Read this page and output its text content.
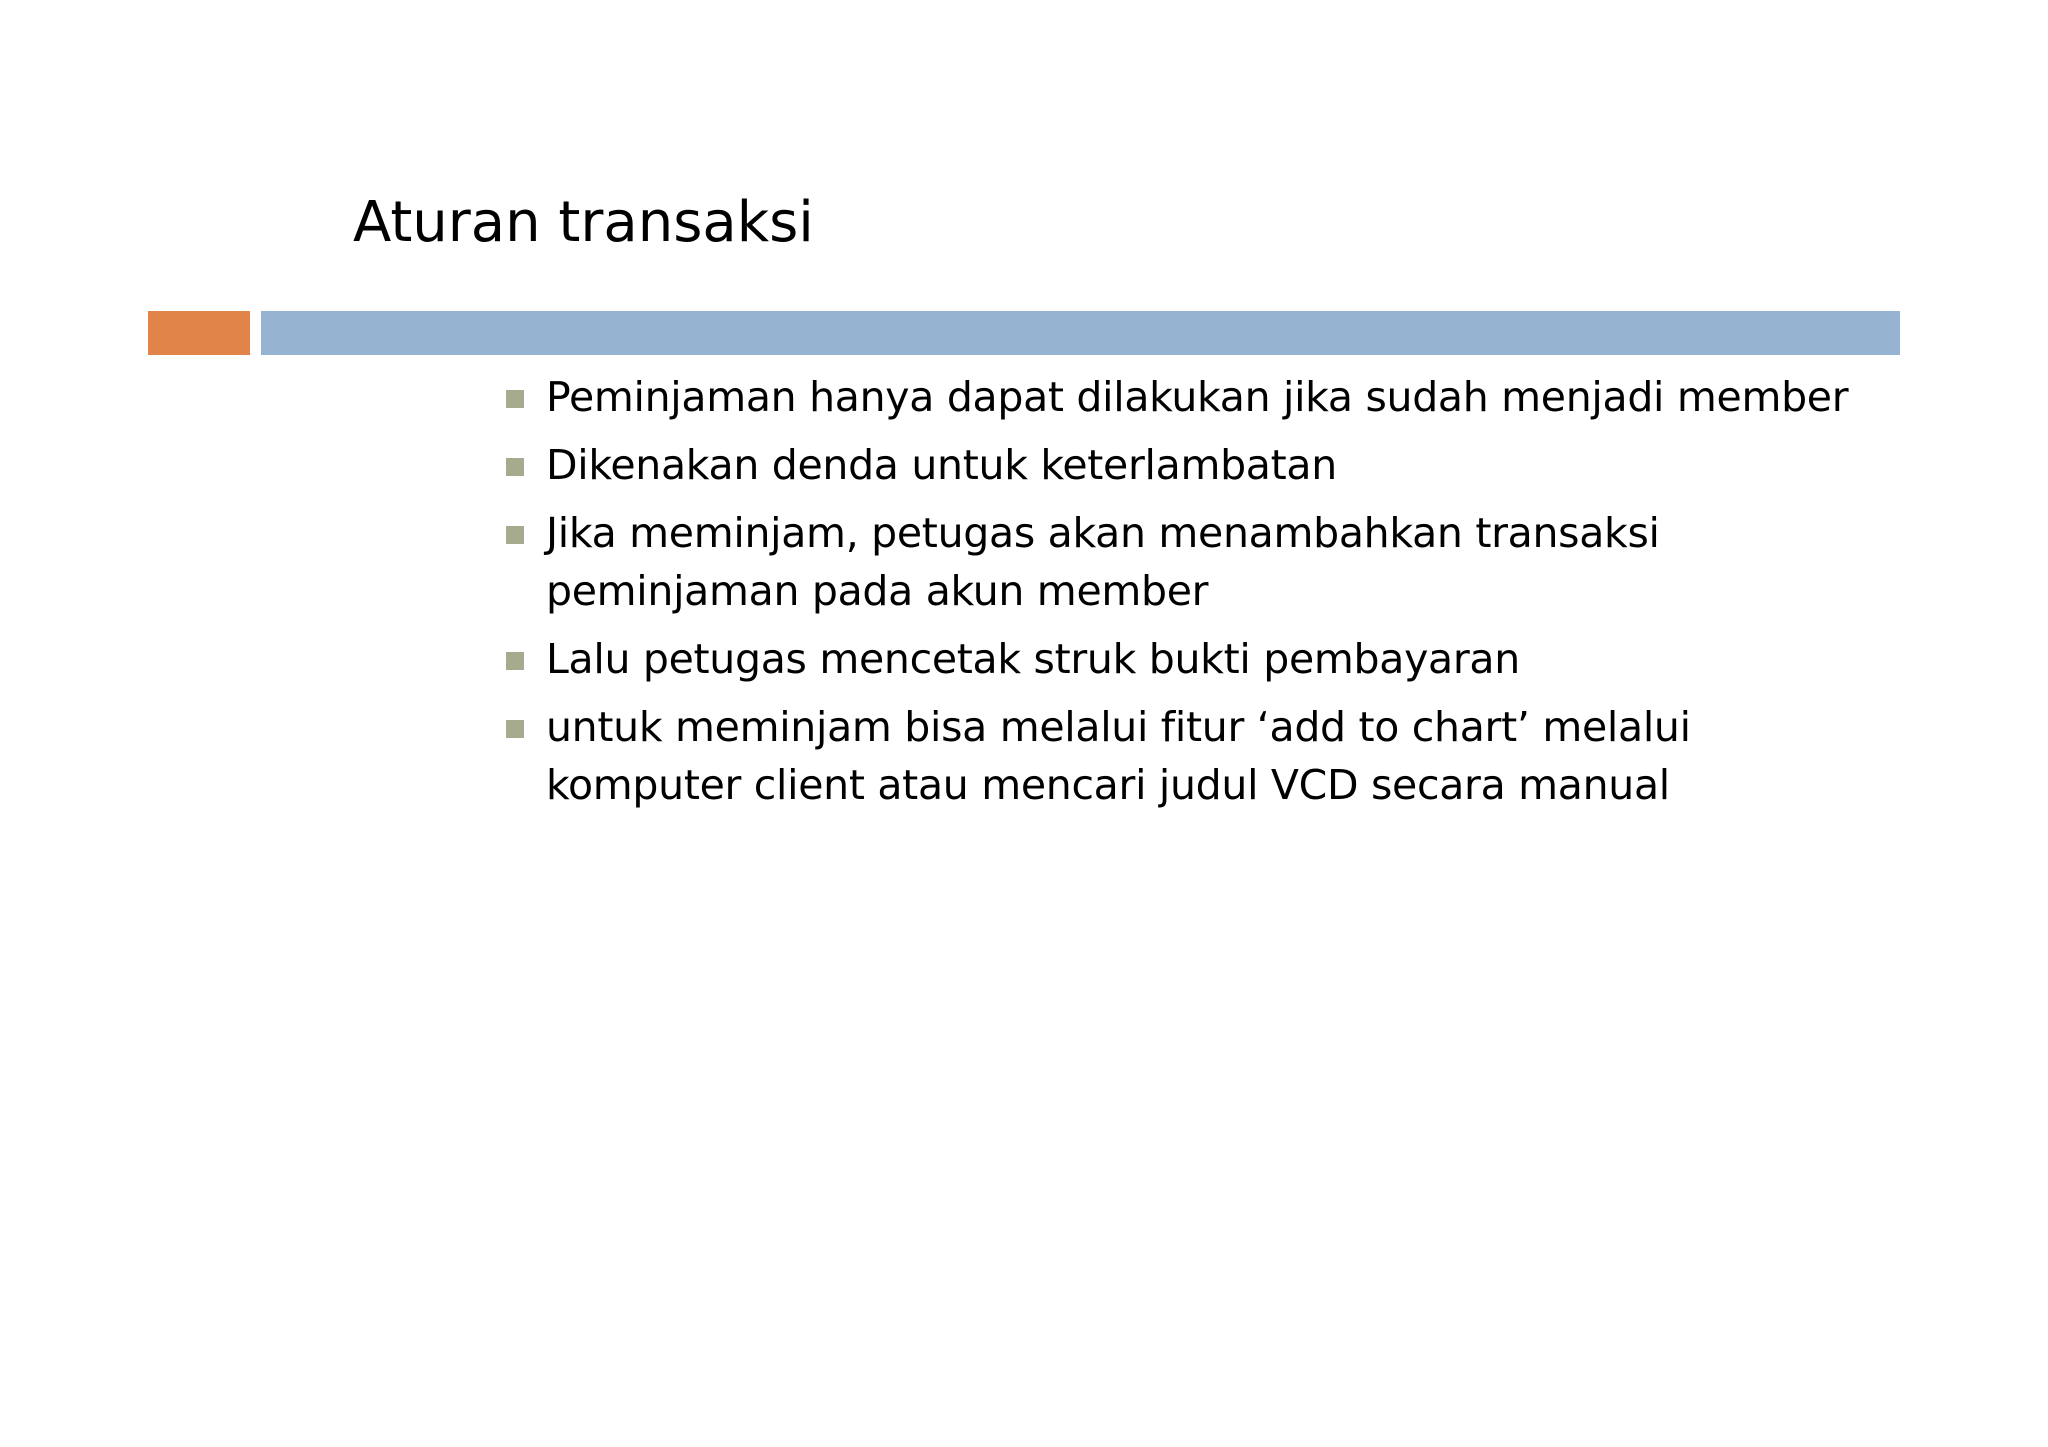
Aturan transaksi
Peminjaman hanya dapat dilakukan jika sudah menjadi member
Dikenakan denda untuk keterlambatan
Jika meminjam, petugas akan menambahkan transaksi peminjaman pada akun member
Lalu petugas mencetak struk bukti pembayaran
untuk meminjam bisa melalui fitur ‘add to chart’ melalui komputer client atau mencari judul VCD secara manual
